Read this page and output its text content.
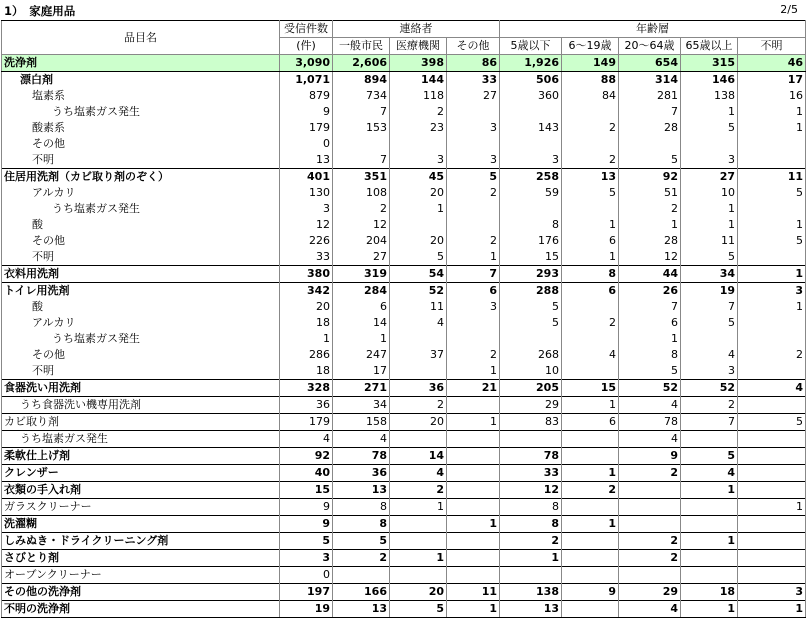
1）　家庭用品	2/5
品目名	受信件数	連絡者			年齢層				
	(件)	一般市民	医療機関	その他	5歳以下	6～19歳	20～64歳	65歳以上	不明
洗浄剤	3,090	2,606	398	86	1,926	149	654	315	46
漂白剤	1,071	894	144	33	506	88	314	146	17
塩素系	879	734	118	27	360	84	281	138	16
うち塩素ガス発生	9	7	2				7	1	1
酸素系	179	153	23	3	143	2	28	5	1
その他	0								
不明	13	7	3	3	3	2	5	3	
住居用洗剤（カビ取り剤のぞく）	401	351	45	5	258	13	92	27	11
アルカリ	130	108	20	2	59	5	51	10	5
うち塩素ガス発生	3	2	1				2	1	
酸	12	12			8	1	1	1	1
その他	226	204	20	2	176	6	28	11	5
不明	33	27	5	1	15	1	12	5	
衣料用洗剤	380	319	54	7	293	8	44	34	1
トイレ用洗剤	342	284	52	6	288	6	26	19	3
酸	20	6	11	3	5		7	7	1
アルカリ	18	14	4		5	2	6	5	
うち塩素ガス発生	1	1					1		
その他	286	247	37	2	268	4	8	4	2
不明	18	17		1	10		5	3	
食器洗い用洗剤	328	271	36	21	205	15	52	52	4
うち食器洗い機専用洗剤	36	34	2		29	1	4	2	
カビ取り剤	179	158	20	1	83	6	78	7	5
うち塩素ガス発生	4	4					4		
柔軟仕上げ剤	92	78	14		78		9	5	
クレンザー	40	36	4		33	1	2	4	
衣類の手入れ剤	15	13	2		12	2		1	
ガラスクリーナー	9	8	1		8				1
洗濯糊	9	8		1	8	1			
しみぬき・ドライクリーニング剤	5	5			2		2	1	
さびとり剤	3	2	1		1		2		
オーブンクリーナー	0								
その他の洗浄剤	197	166	20	11	138	9	29	18	3
不明の洗浄剤	19	13	5	1	13		4	1	1
